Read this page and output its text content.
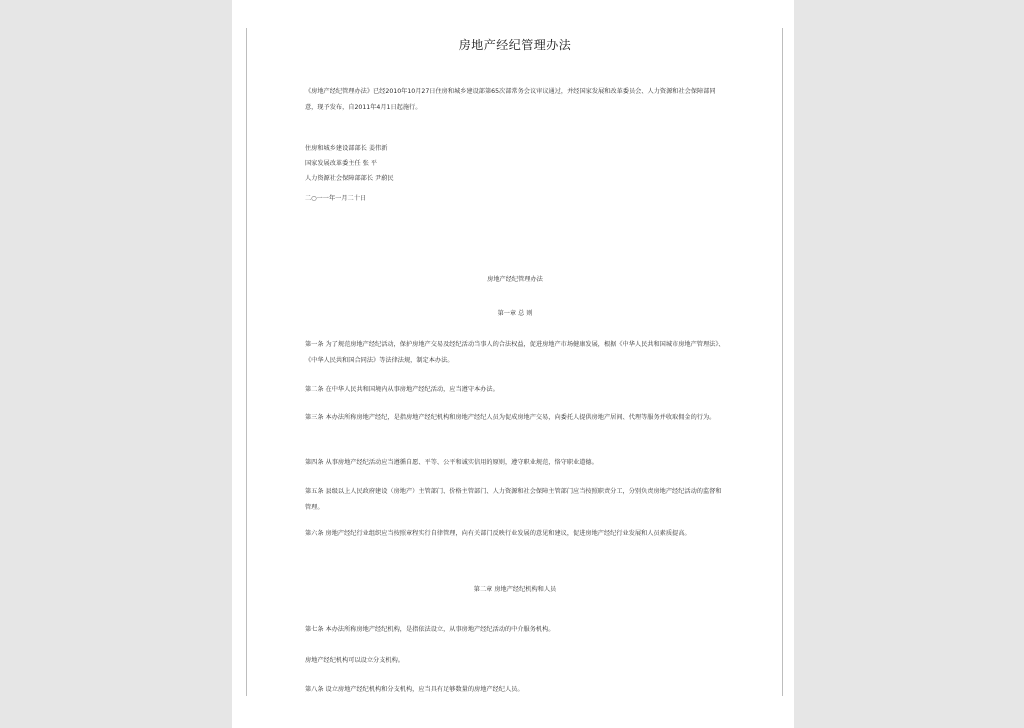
房地产经纪管理办法
《房地产经纪管理办法》已经2010年10月27日住房和城乡建设部第65次部常务会议审议通过，并经国家发展和改革委员会、人力资源和社会保障部同意，现予发布，自2011年4月1日起施行。
住房和城乡建设部部长 姜伟新
国家发展改革委主任 张 平
人力资源社会保障部部长 尹蔚民
二○一一年一月二十日
房地产经纪管理办法
第一章 总 则
第一条 为了规范房地产经纪活动，保护房地产交易及经纪活动当事人的合法权益，促进房地产市场健康发展，根据《中华人民共和国城市房地产管理法》、《中华人民共和国合同法》等法律法规，制定本办法。
第二条 在中华人民共和国境内从事房地产经纪活动，应当遵守本办法。
第三条 本办法所称房地产经纪，是指房地产经纪机构和房地产经纪人员为促成房地产交易，向委托人提供房地产居间、代理等服务并收取佣金的行为。
第四条 从事房地产经纪活动应当遵循自愿、平等、公平和诚实信用的原则，遵守职业规范，恪守职业道德。
第五条 县级以上人民政府建设（房地产）主管部门、价格主管部门、人力资源和社会保障主管部门应当按照职责分工，分别负责房地产经纪活动的监督和管理。
第六条 房地产经纪行业组织应当按照章程实行自律管理，向有关部门反映行业发展的意见和建议，促进房地产经纪行业发展和人员素质提高。
第二章 房地产经纪机构和人员
第七条 本办法所称房地产经纪机构，是指依法设立，从事房地产经纪活动的中介服务机构。
房地产经纪机构可以设立分支机构。
第八条 设立房地产经纪机构和分支机构，应当具有足够数量的房地产经纪人员。
